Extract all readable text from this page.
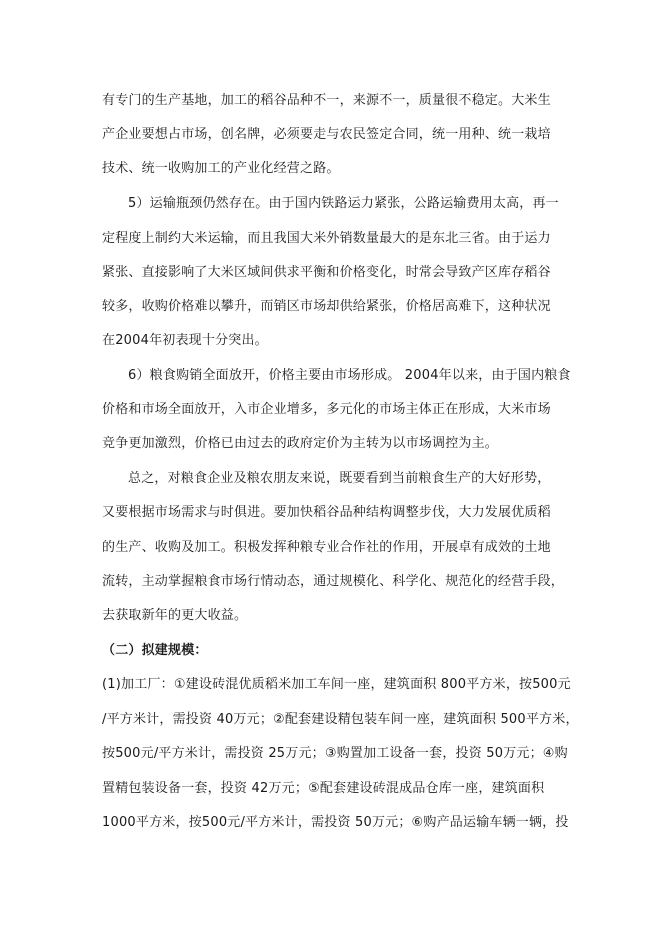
有专门的生产基地，加工的稻谷品种不一，来源不一，质量很不稳定。大米生
产企业要想占市场，创名牌，必须要走与农民签定合同，统一用种、统一栽培
技术、统一收购加工的产业化经营之路。
5）运输瓶颈仍然存在。由于国内铁路运力紧张，公路运输费用太高，再一
定程度上制约大米运输，而且我国大米外销数量最大的是东北三省。由于运力
紧张、直接影响了大米区域间供求平衡和价格变化，时常会导致产区库存稻谷
较多，收购价格难以攀升，而销区市场却供给紧张，价格居高难下，这种状况
在2004年初表现十分突出。
6）粮食购销全面放开，价格主要由市场形成。 2004年以来，由于国内粮食
价格和市场全面放开，入市企业增多，多元化的市场主体正在形成，大米市场
竞争更加激烈，价格已由过去的政府定价为主转为以市场调控为主。
总之，对粮食企业及粮农朋友来说，既要看到当前粮食生产的大好形势，
又要根据市场需求与时俱进。要加快稻谷品种结构调整步伐，大力发展优质稻
的生产、收购及加工。积极发挥种粮专业合作社的作用，开展卓有成效的土地
流转，主动掌握粮食市场行情动态，通过规模化、科学化、规范化的经营手段，
去获取新年的更大收益。
（二）拟建规模：
(1)加工厂：①建设砖混优质稻米加工车间一座，建筑面积 800平方米，按500元
/平方米计，需投资 40万元；②配套建设精包装车间一座，建筑面积 500平方米，
按500元/平方米计，需投资 25万元；③购置加工设备一套，投资 50万元；④购
置精包装设备一套，投资 42万元；⑤配套建设砖混成品仓库一座，建筑面积
1000平方米，按500元/平方米计，需投资 50万元；⑥购产品运输车辆一辆，投
